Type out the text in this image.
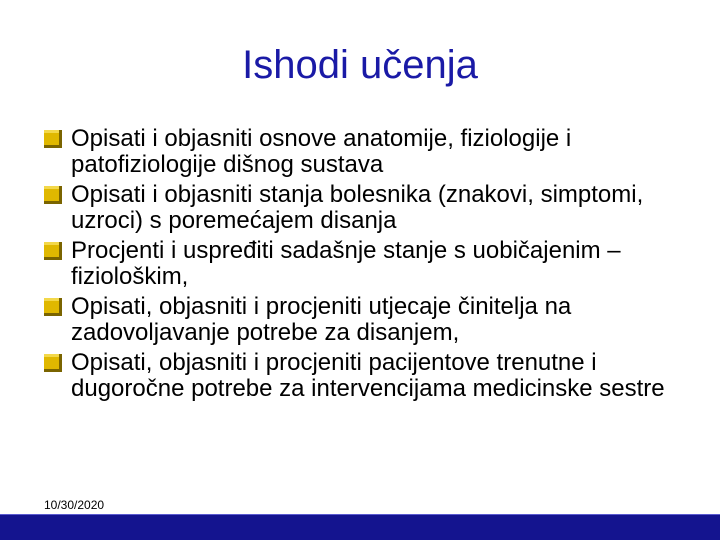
Ishodi učenja
Opisati i objasniti osnove anatomije, fiziologije i patofiziologije dišnog sustava
Opisati i objasniti stanja bolesnika (znakovi, simptomi, uzroci) s poremećajem disanja
Procjenti i uspređiti sadašnje stanje s uobičajenim – fiziološkim,
Opisati, objasniti i procjeniti utjecaje činitelja na zadovoljavanje potrebe za disanjem,
Opisati, objasniti i procjeniti pacijentove trenutne i dugoročne potrebe za intervencijama medicinske sestre
10/30/2020
